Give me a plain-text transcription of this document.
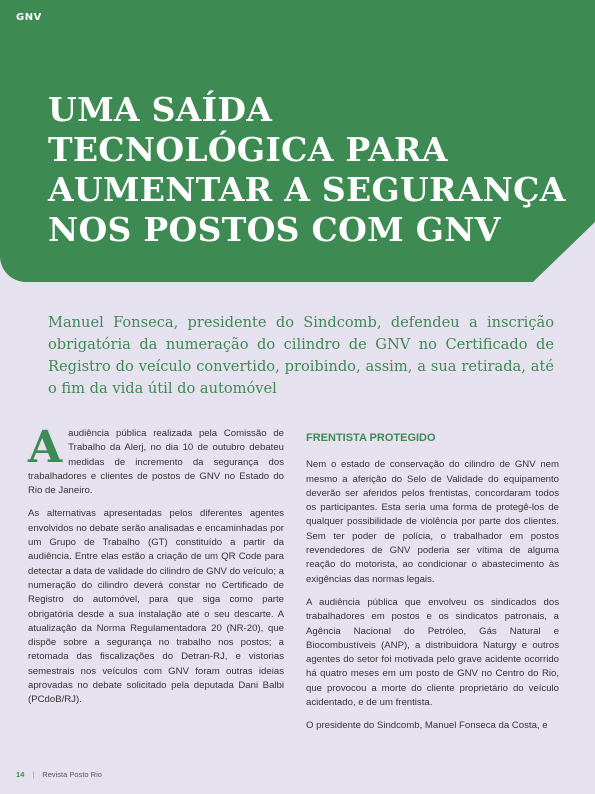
GNV
UMA SAÍDA TECNOLÓGICA PARA AUMENTAR A SEGURANÇA NOS POSTOS COM GNV

Manuel Fonseca, presidente do Sindcomb, defendeu a inscrição obrigatória da numeração do cilindro de GNV no Certificado de Registro do veículo convertido, proibindo, assim, a sua retirada, até o fim da vida útil do automóvel

Aaudiência pública realizada pela Comissão de Trabalho da Alerj, no dia 10 de outubro debateu medidas de incremento da segurança dos trabalhadores e clientes de postos de GNV no Estado do Rio de Janeiro.

As alternativas apresentadas pelos diferentes agentes envolvidos no debate serão analisadas e encaminhadas por um Grupo de Trabalho (GT) constituído a partir da audiência. Entre elas estão a criação de um QR Code para detectar a data de validade do cilindro de GNV do veículo; a numeração do cilindro deverá constar no Certificado de Registro do automóvel, para que siga como parte obrigatória desde a sua instalação até o seu descarte. A atualização da Norma Regulamentadora 20 (NR-20), que dispõe sobre a segurança no trabalho nos postos; a retomada das fiscalizações do Detran-RJ, e vistorias semestrais nos veículos com GNV foram outras ideias aprovadas no debate solicitado pela deputada Dani Balbi (PCdoB/RJ).

FRENTISTA PROTEGIDO

Nem o estado de conservação do cilindro de GNV nem mesmo a aferição do Selo de Validade do equipamento deverão ser aferidos pelos frentistas, concordaram todos os participantes. Esta seria uma forma de protegê-los de qualquer possibilidade de violência por parte dos clientes. Sem ter poder de polícia, o trabalhador em postos revendedores de GNV poderia ser vítima de alguma reação do motorista, ao condicionar o abastecimento às exigências das normas legais.

A audiência pública que envolveu os sindicados dos trabalhadores em postos e os sindicatos patronais, a Agência Nacional do Petróleo, Gás Natural e Biocombustíveis (ANP), a distribuidora Naturgy e outros agentes do setor foi motivada pelo grave acidente ocorrido há quatro meses em um posto de GNV no Centro do Rio, que provocou a morte do cliente proprietário do veículo acidentado, e de um frentista.

O presidente do Sindcomb, Manuel Fonseca da Costa, e

14 | Revista Posto Rio
